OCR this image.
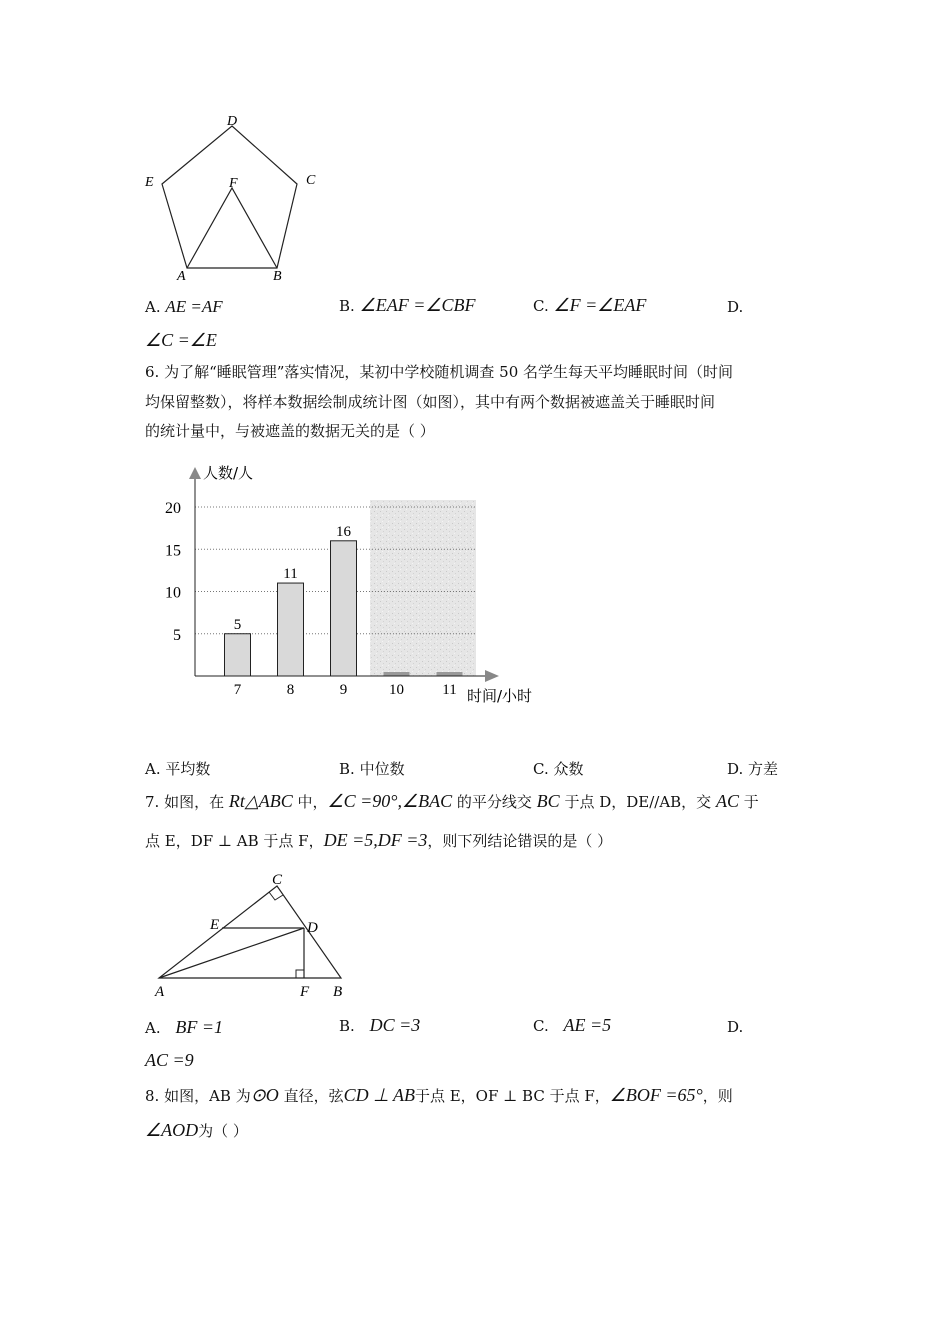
D
E	C
F
A	B
A. AE =AF	B. ∠EAF =∠CBF	C. ∠F =∠EAF	D.
∠C =∠E
6. 为了解“睡眠管理”落实情况，某初中学校随机调查 50 名学生每天平均睡眠时间（时间
均保留整数），将样本数据绘制成统计图（如图），其中有两个数据被遮盖关于睡眠时间
的统计量中，与被遮盖的数据无关的是（ ）
5
11
16
人数/人
时间/小时
5
10
15
20
7	8	9	10	11
A. 平均数	B. 中位数	C. 众数	D. 方差
7. 如图，在 Rt△ABC 中，∠C =90°,∠BAC 的平分线交 BC 于点 D，DE//AB，交 AC 于
点 E，DF ⊥ AB 于点 F，DE =5,DF =3，则下列结论错误的是（ ）
C
E	D
A	F B
A. BF =1	B. DC =3	C. AE =5	D.
AC =9
8. 如图，AB 为⊙O 直径，弦CD ⊥ AB于点 E，OF ⊥ BC 于点 F，∠BOF =65°，则
∠AOD为（ ）
